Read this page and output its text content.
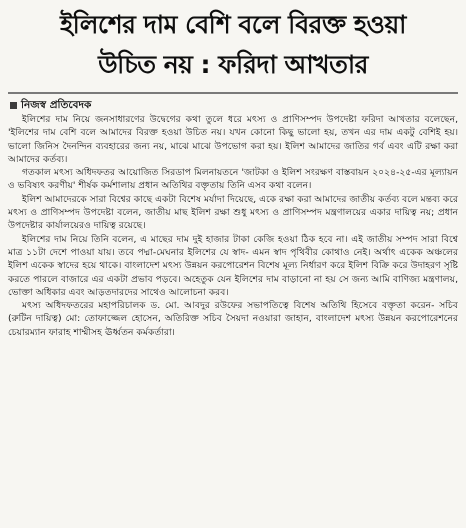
ইলিশের দাম বেশি বলে বিরক্ত হওয়া
উচিত নয় : ফরিদা আখতার
নিজস্ব প্রতিবেদক

ইলিশের দাম নিয়ে জনসাধারণের উদ্বেগের কথা তুলে ধরে মৎস্য ও প্রাণিসম্পদ উপদেষ্টা ফরিদা আখতার বলেছেন, 'ইলিশের দাম বেশি বলে আমাদের বিরক্ত হওয়া উচিত নয়। যখন কোনো কিছু ভালো হয়, তখন এর দাম একটু বেশিই হয়। ভালো জিনিস দৈনন্দিন ব্যবহারের জন্য নয়, মাঝে মাঝে উপভোগ করা হয়। ইলিশ আমাদের জাতির গর্ব এবং এটি রক্ষা করা আমাদের কর্তব্য।

গতকাল মৎস্য অধিদফতর আয়োজিত সিরডাপ মিলনায়তনে 'জাটকা ও ইলিশ সংরক্ষণ বাস্তবায়ন ২০২৪-২৫-এর মূল্যায়ন ও ভবিষ্যৎ করণীয়' শীর্ষক কর্মশালায় প্রধান অতিথির বক্তৃতায় তিনি এসব কথা বলেন।

ইলিশ আমাদেরকে সারা বিশ্বের কাছে একটা বিশেষ মর্যাদা দিয়েছে, একে রক্ষা করা আমাদের জাতীয় কর্তব্য বলে মন্তব্য করে মৎস্য ও প্রাণিসম্পদ উপদেষ্টা বলেন, জাতীয় মাছ ইলিশ রক্ষা শুধু মৎস্য ও প্রাণিসম্পদ মন্ত্রণালয়ের একার দায়িত্ব নয়; প্রধান উপদেষ্টার কার্যালয়েরও দায়িত্ব রয়েছে।

ইলিশের দাম নিয়ে তিনি বলেন, এ মাছের দাম দুই হাজার টাকা কেজি হওয়া ঠিক হবে না। এই জাতীয় সম্পদ সারা বিশ্বে মাত্র ১১টা দেশে পাওয়া যায়। তবে পদ্মা-মেঘনার ইলিশের যে স্বাদ- এমন স্বাদ পৃথিবীর কোথাও নেই। অর্থাৎ একেক অঞ্চলের ইলিশ একেক স্বাদের হয়ে থাকে। বাংলাদেশ মৎস্য উন্নয়ন করপোরেশন বিশেষ মূল্য নির্ধারণ করে ইলিশ বিক্রি করে উদাহরণ সৃষ্টি করতে পারলে বাজারে এর একটা প্রভাব পড়বে। অহেতুক যেন ইলিশের দাম বাড়ানো না হয় সে জন্য আমি বাণিজ্য মন্ত্রণালয়, ভোক্তা অধিকার এবং আড়তদারদের সাথেও আলোচনা করব।

মৎস্য অধিদফতরের মহাপরিচালক ড. মো. আবদুর রউফের সভাপতিত্বে বিশেষ অতিথি হিসেবে বক্তৃতা করেন- সচিব (রুটিন দায়িত্ব) মো: তোফাজ্জেল হোসেন, অতিরিক্ত সচিব সৈয়দা নওয়ারা জাহান, বাংলাদেশ মৎস্য উন্নয়ন করপোরেশনের চেয়ারম্যান ফারাহ শাম্মীসহ ঊর্ধ্বতন কর্মকর্তারা।
